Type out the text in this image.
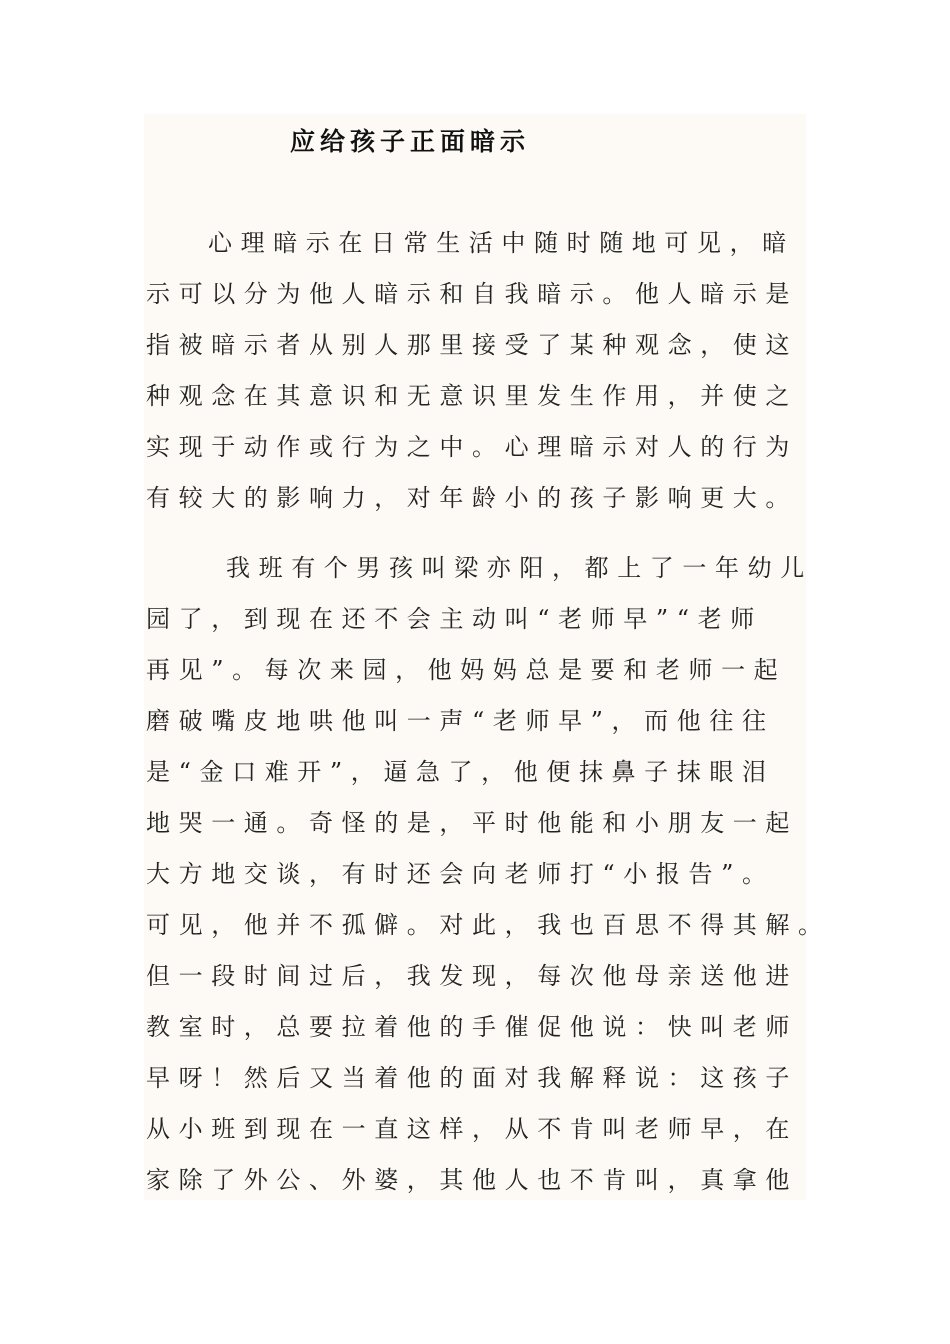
应给孩子正面暗示
心理暗示在日常生活中随时随地可见，暗
示可以分为他人暗示和自我暗示。他人暗示是
指被暗示者从别人那里接受了某种观念，使这
种观念在其意识和无意识里发生作用，并使之
实现于动作或行为之中。心理暗示对人的行为
有较大的影响力，对年龄小的孩子影响更大。
我班有个男孩叫梁亦阳，都上了一年幼儿
园了，到现在还不会主动叫“老师早”“老师
再见”。每次来园，他妈妈总是要和老师一起
磨破嘴皮地哄他叫一声“老师早”，而他往往
是“金口难开”，逼急了，他便抹鼻子抹眼泪
地哭一通。奇怪的是，平时他能和小朋友一起
大方地交谈，有时还会向老师打“小报告”。
可见，他并不孤僻。对此，我也百思不得其解。
但一段时间过后，我发现，每次他母亲送他进
教室时，总要拉着他的手催促他说：快叫老师
早呀！然后又当着他的面对我解释说：这孩子
从小班到现在一直这样，从不肯叫老师早，在
家除了外公、外婆，其他人也不肯叫，真拿他
